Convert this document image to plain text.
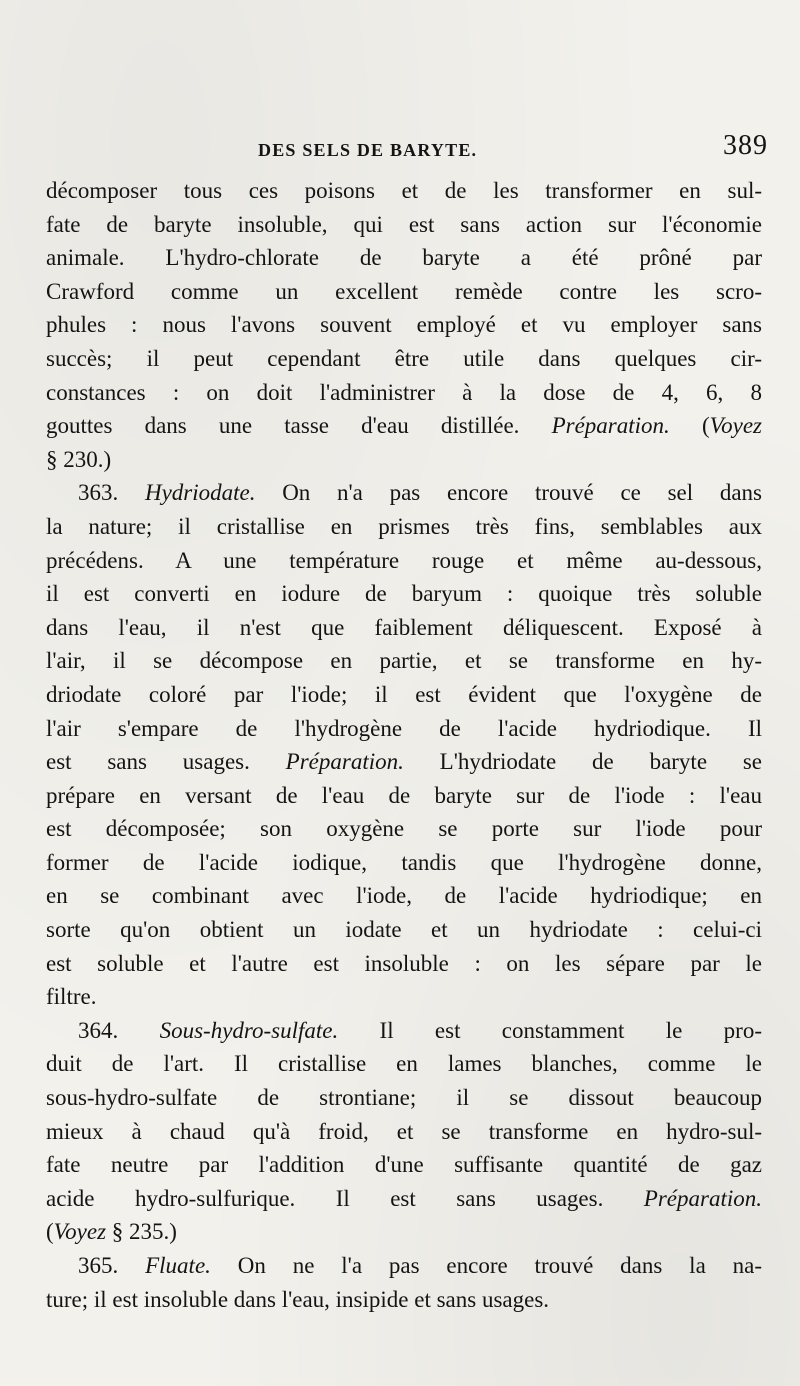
DES SELS DE BARYTE.	389
décomposer tous ces poisons et de les transformer en sul-
fate de baryte insoluble, qui est sans action sur l'économie
animale. L'hydro-chlorate de baryte a été prôné par
Crawford comme un excellent remède contre les scro-
phules : nous l'avons souvent employé et vu employer sans
succès; il peut cependant être utile dans quelques cir-
constances : on doit l'administrer à la dose de 4, 6, 8
gouttes dans une tasse d'eau distillée. Préparation. (Voyez
§ 230.)
363. Hydriodate. On n'a pas encore trouvé ce sel dans
la nature; il cristallise en prismes très fins, semblables aux
précédens. A une température rouge et même au-dessous,
il est converti en iodure de baryum : quoique très soluble
dans l'eau, il n'est que faiblement déliquescent. Exposé à
l'air, il se décompose en partie, et se transforme en hy-
driodate coloré par l'iode; il est évident que l'oxygène de
l'air s'empare de l'hydrogène de l'acide hydriodique. Il
est sans usages. Préparation. L'hydriodate de baryte se
prépare en versant de l'eau de baryte sur de l'iode : l'eau
est décomposée; son oxygène se porte sur l'iode pour
former de l'acide iodique, tandis que l'hydrogène donne,
en se combinant avec l'iode, de l'acide hydriodique; en
sorte qu'on obtient un iodate et un hydriodate : celui-ci
est soluble et l'autre est insoluble : on les sépare par le
filtre.
364. Sous-hydro-sulfate. Il est constamment le pro-
duit de l'art. Il cristallise en lames blanches, comme le
sous-hydro-sulfate de strontiane; il se dissout beaucoup
mieux à chaud qu'à froid, et se transforme en hydro-sul-
fate neutre par l'addition d'une suffisante quantité de gaz
acide hydro-sulfurique. Il est sans usages. Préparation.
(Voyez § 235.)
365. Fluate. On ne l'a pas encore trouvé dans la na-
ture; il est insoluble dans l'eau, insipide et sans usages.
